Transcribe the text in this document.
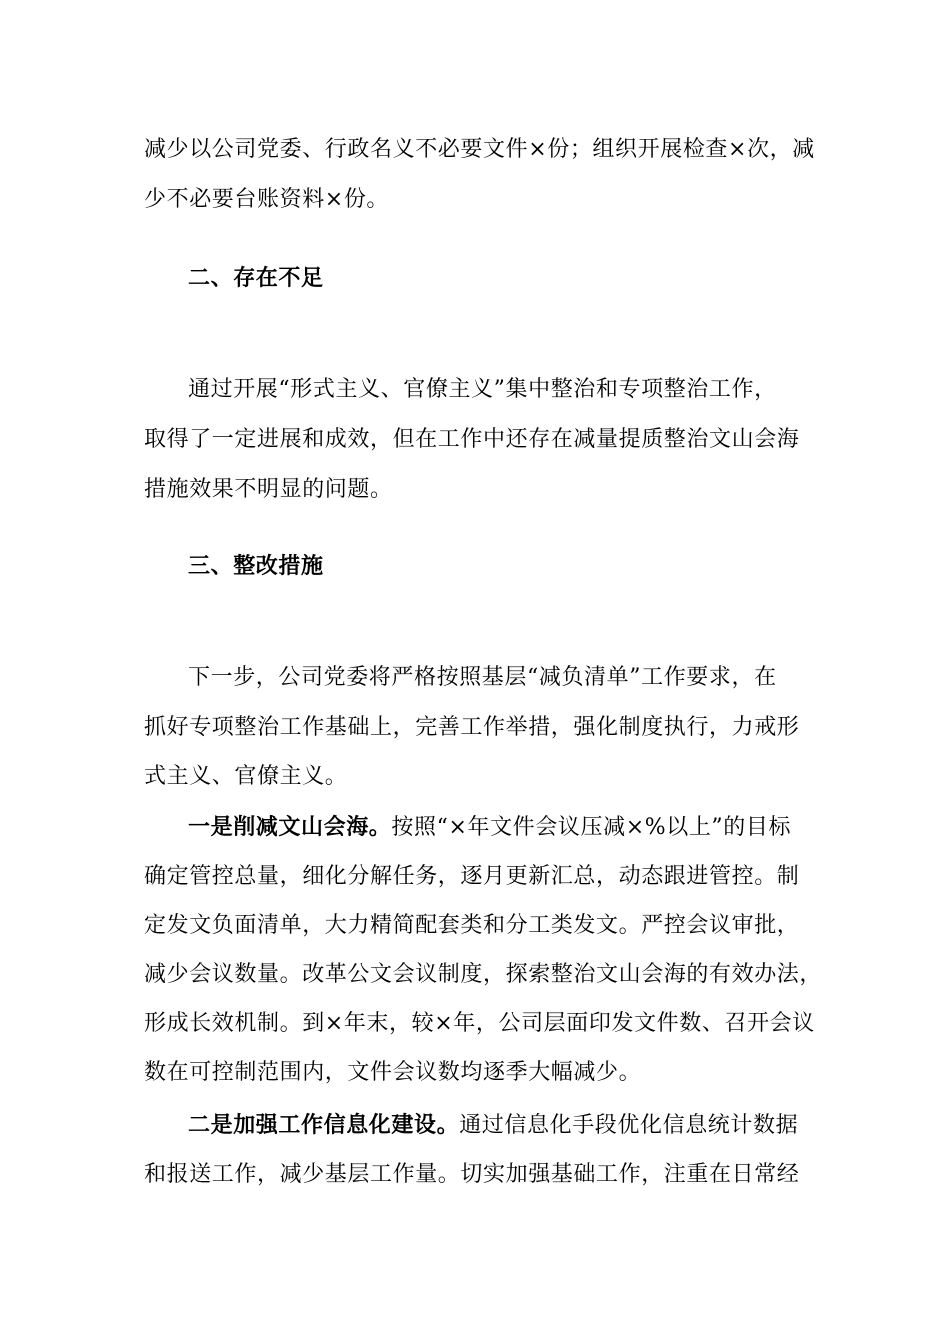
减少以公司党委、行政名义不必要文件×份；组织开展检查×次，减
少不必要台账资料×份。
二、存在不足
通过开展“形式主义、官僚主义”集中整治和专项整治工作，
取得了一定进展和成效，但在工作中还存在减量提质整治文山会海
措施效果不明显的问题。
三、整改措施
下一步，公司党委将严格按照基层“减负清单”工作要求，在
抓好专项整治工作基础上，完善工作举措，强化制度执行，力戒形
式主义、官僚主义。
一是削减文山会海。按照“×年文件会议压减×%以上”的目标
确定管控总量，细化分解任务，逐月更新汇总，动态跟进管控。制
定发文负面清单，大力精简配套类和分工类发文。严控会议审批，
减少会议数量。改革公文会议制度，探索整治文山会海的有效办法，
形成长效机制。到×年末，较×年，公司层面印发文件数、召开会议
数在可控制范围内，文件会议数均逐季大幅减少。
二是加强工作信息化建设。通过信息化手段优化信息统计数据
和报送工作，减少基层工作量。切实加强基础工作，注重在日常经
